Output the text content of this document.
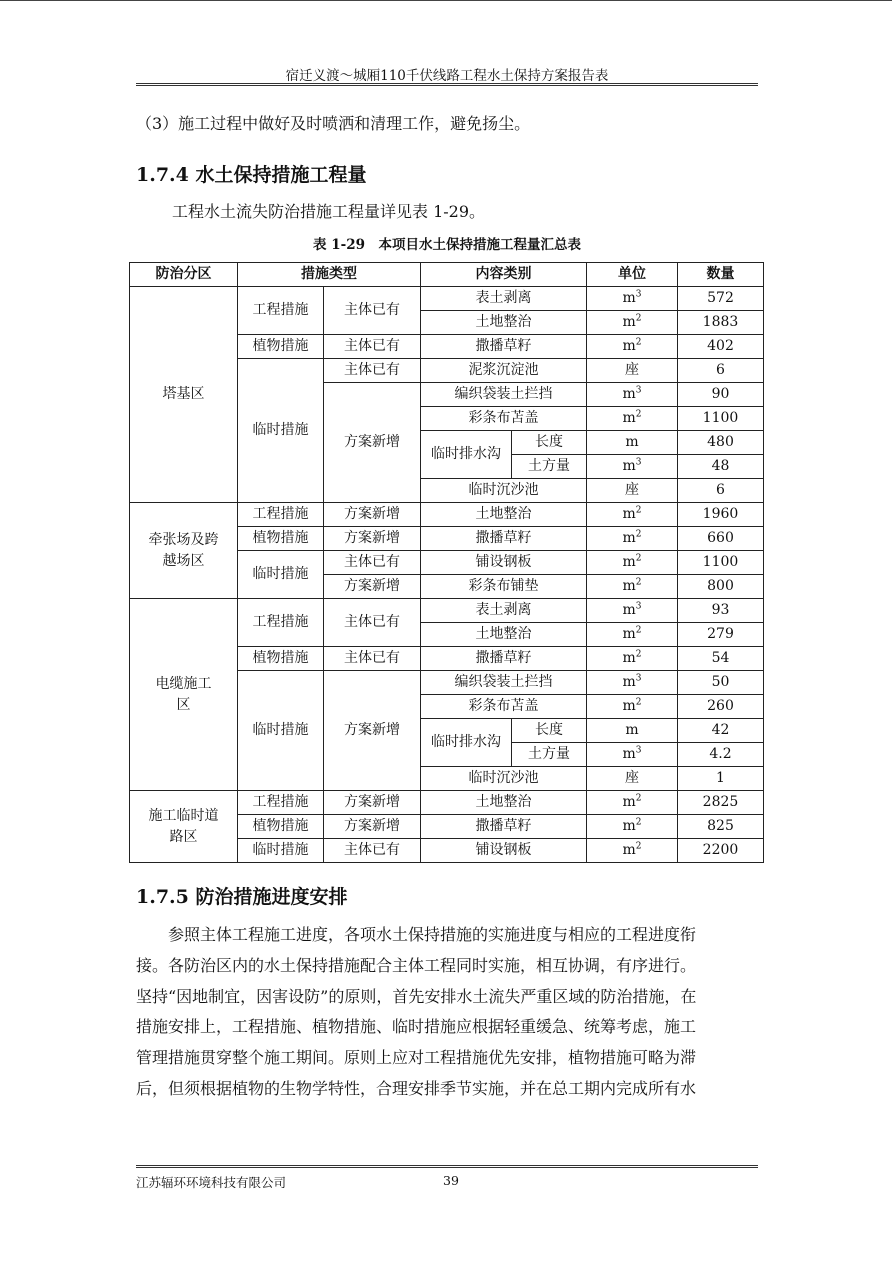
宿迁义渡～城厢110千伏线路工程水土保持方案报告表
（3）施工过程中做好及时喷洒和清理工作，避免扬尘。
1.7.4 水土保持措施工程量
工程水土流失防治措施工程量详见表 1-29。
表 1-29　本项目水土保持措施工程量汇总表
防治分区	措施类型		内容类别		单位	数量
塔基区	工程措施	主体已有	表土剥离		$m^3$	572
			土地整治		$m^2$	1883
	植物措施	主体已有	撒播草籽		$m^2$	402
	临时措施	主体已有	泥浆沉淀池		座	6
		方案新增	编织袋装土拦挡		$m^3$	90
			彩条布苫盖		$m^2$	1100
			临时排水沟	长度	m	480
				土方量	$m^3$	48
			临时沉沙池		座	6
牵张场及跨越场区	工程措施	方案新增	土地整治		$m^2$	1960
	植物措施	方案新增	撒播草籽		$m^2$	660
	临时措施	主体已有	铺设钢板		$m^2$	1100
		方案新增	彩条布铺垫		$m^2$	800
电缆施工区	工程措施	主体已有	表土剥离		$m^3$	93
			土地整治		$m^2$	279
	植物措施	主体已有	撒播草籽		$m^2$	54
	临时措施	方案新增	编织袋装土拦挡		$m^3$	50
			彩条布苫盖		$m^2$	260
			临时排水沟	长度	m	42
				土方量	$m^3$	4.2
			临时沉沙池		座	1
施工临时道路区	工程措施	方案新增	土地整治		$m^2$	2825
	植物措施	方案新增	撒播草籽		$m^2$	825
	临时措施	主体已有	铺设钢板		$m^2$	2200
1.7.5 防治措施进度安排
　　参照主体工程施工进度，各项水土保持措施的实施进度与相应的工程进度衔
接。各防治区内的水土保持措施配合主体工程同时实施，相互协调，有序进行。
坚持“因地制宜，因害设防”的原则，首先安排水土流失严重区域的防治措施，在
措施安排上，工程措施、植物措施、临时措施应根据轻重缓急、统筹考虑，施工
管理措施贯穿整个施工期间。原则上应对工程措施优先安排，植物措施可略为滞
后，但须根据植物的生物学特性，合理安排季节实施，并在总工期内完成所有水
江苏辐环环境科技有限公司	39
